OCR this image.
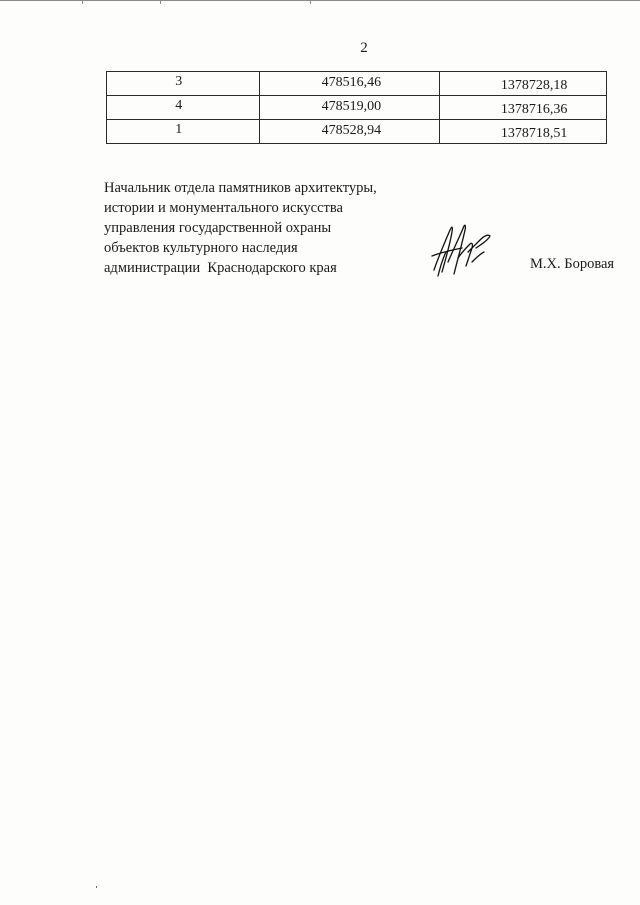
2
3	478516,46	1378728,18
4	478519,00	1378716,36
1	478528,94	1378718,51
Начальник отдела памятников архитектуры,
истории и монументального искусства
управления государственной охраны
объектов культурного наследия
администрации  Краснодарского края	М.Х. Боровая
